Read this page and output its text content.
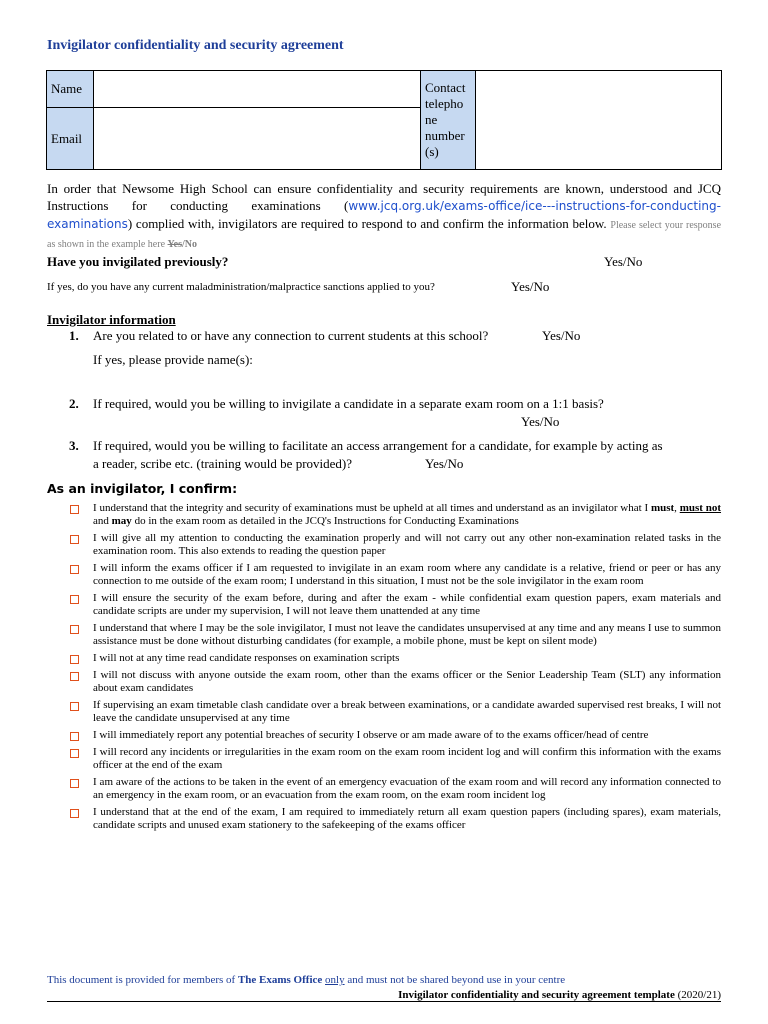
Invigilator confidentiality and security agreement
Name		Contact telepho ne number (s)	
Email			
In order that Newsome High School can ensure confidentiality and security requirements are known, understood and JCQ Instructions for conducting examinations (www.jcq.org.uk/exams-office/ice---instructions-for-conducting-examinations) complied with, invigilators are required to respond to and confirm the information below. Please select your response as shown in the example here Yes/No
Have you invigilated previously?	Yes/No
If yes, do you have any current maladministration/malpractice sanctions applied to you?	Yes/No
Invigilator information
1. Are you related to or have any connection to current students at this school?	Yes/No
If yes, please provide name(s):
2. If required, would you be willing to invigilate a candidate in a separate exam room on a 1:1 basis?
Yes/No
3. If required, would you be willing to facilitate an access arrangement for a candidate, for example by acting as
a reader, scribe etc. (training would be provided)?	Yes/No
As an invigilator, I confirm:
I understand that the integrity and security of examinations must be upheld at all times and understand as an invigilator what I must, must not and may do in the exam room as detailed in the JCQ's Instructions for Conducting Examinations
I will give all my attention to conducting the examination properly and will not carry out any other non-examination related tasks in the examination room. This also extends to reading the question paper
I will inform the exams officer if I am requested to invigilate in an exam room where any candidate is a relative, friend or peer or has any connection to me outside of the exam room; I understand in this situation, I must not be the sole invigilator in the exam room
I will ensure the security of the exam before, during and after the exam - while confidential exam question papers, exam materials and candidate scripts are under my supervision, I will not leave them unattended at any time
I understand that where I may be the sole invigilator, I must not leave the candidates unsupervised at any time and any means I use to summon assistance must be done without disturbing candidates (for example, a mobile phone, must be kept on silent mode)
I will not at any time read candidate responses on examination scripts
I will not discuss with anyone outside the exam room, other than the exams officer or the Senior Leadership Team (SLT) any information about exam candidates
If supervising an exam timetable clash candidate over a break between examinations, or a candidate awarded supervised rest breaks, I will not leave the candidate unsupervised at any time
I will immediately report any potential breaches of security I observe or am made aware of to the exams officer/head of centre
I will record any incidents or irregularities in the exam room on the exam room incident log and will confirm this information with the exams officer at the end of the exam
I am aware of the actions to be taken in the event of an emergency evacuation of the exam room and will record any information connected to an emergency in the exam room, or an evacuation from the exam room, on the exam room incident log
I understand that at the end of the exam, I am required to immediately return all exam question papers (including spares), exam materials, candidate scripts and unused exam stationery to the safekeeping of the exams officer
This document is provided for members of The Exams Office only and must not be shared beyond use in your centre
Invigilator confidentiality and security agreement template (2020/21)
